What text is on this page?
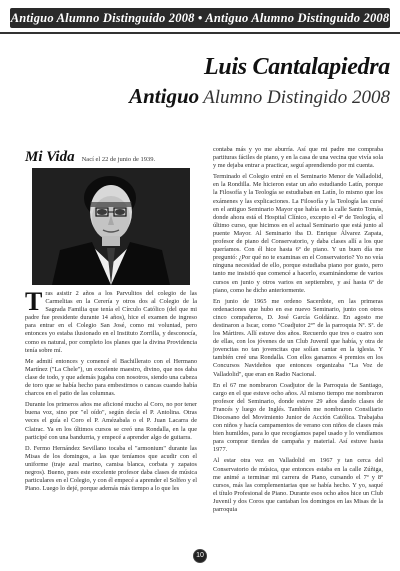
Antiguo Alumno Distinguido 2008 • Antiguo Alumno Distinguido 2008
Luis Cantalapiedra
Antiguo Alumno Distingido 2008
Mi Vida Nací el 22 de junio de 1939.

Tras asistir 2 años a los Parvulitos del colegio de las Carmelitas en la Cerería y otros dos al Colegio de la Sagrada Familia que tenía el Círculo Católico (del que mi padre fue presidente durante 14 años), hice el examen de ingreso para entrar en el Colegio San José, como mi voluntad, pero entonces yo estaba ilusionado en el Instituto Zorrilla, y desconocía, como es natural, por completo los planes que la divina Providencia tenía sobre mí.

Me admití entonces y comencé el Bachillerato con el Hermano Martínez ("La Chele"), un excelente maestro, divino, que nos daba clase de todo, y que además jugaba con nosotros, siendo una cabeza de toro que se había hecho para embestirnos o cancas cuando había charcos en el patio de las columnas.

Durante los primeros años me aficioné mucho al Coro, no por tener buena voz, sino por "el oído", según decía el P. Antolina. Otras veces el guía el Coro el P. Amézabala o el P. Juan Lacarra de Clairac. Ya en los últimos cursos se creó una Rondalla, en la que participé con una bandurria, y empecé a aprender algo de guitarra.

D. Fermo Hernández Sevillano tocaba el "armonium" durante las Misas de los domingos, a las que teníamos que acudir con el uniforme (traje azul marino, camisa blanca, corbata y zapatos negros). Bueno, pues este excelente profesor daba clases de música particulares en el Colegio, y con él empecé a aprender el Solfeo y el Piano. Luego lo dejé, porque además más tiempo a lo que les

contaba más y yo me aburría. Así que mi padre me compraba partituras fáciles de piano, y en la casa de una vecina que vivía sola y me dejaba entrar a practicar, seguí aprendiendo por mi cuenta.

Terminado el Colegio entré en el Seminario Menor de Valladolid, en la Rondilla. Me hicieron estar un año estudiando Latín, porque la Filosofía y la Teología se estudiaban en Latín, lo mismo que los exámenes y las explicaciones. La Filosofía y la Teología las cursé en el antiguo Seminario Mayor que había en la calle Santo Tomás, donde ahora está el Hospital Clínico, excepto el 4º de Teología, el último curso, que hicimos en el actual Seminario que está junto al puente Mayor. Al Seminario iba D. Enrique Álvarez Zapata, profesor de piano del Conservatorio, y daba clases allí a los que queríamos. Con él hice hasta 6º de piano. Y un buen día me preguntó: ¿Por qué no te examinas en el Conservatorio? Yo no veía ninguna necesidad de ello, porque estudiaba piano por gusto, pero tanto me insistió que comencé a hacerlo, examinándome de varios cursos en junio y otros varios en septiembre, y así hasta 6º de piano, como he dicho anteriormente.

En junio de 1965 me ordeno Sacerdote, en las primeras ordenaciones que hubo en ese nuevo Seminario, junto con otros cinco compañeros, D. José García Goldáraz. En agosto me destinaron a Iscar, como "Coadjutor 2º" de la parroquia Nª. Sª. de los Mártires. Allí estuve dos años. Recuerdo que tres o cuatro son de ellas, con los jóvenes de un Club Juvenil que había, y otra de jovencitas no tan jovencitas que solían cantar en la iglesia. Y también creé una Rondalla. Con ellos ganamos 4 premios en los Concursos Navideños que entonces organizaba "La Voz de Valladolid", que eran en Radio Nacional.

En el 67 me nombraron Coadjutor de la Parroquia de Santiago, cargo en el que estuve ocho años. Al mismo tiempo me nombraron profesor del Seminario, donde estuve 29 años dando clases de Francés y luego de Inglés. También me nombraron Consiliario Diocesano del Movimiento Junior de Acción Católica. Trabajaba con niños y hacía campamentos de verano con niños de clases más bien humildes, para lo que recogíamos papel usado y lo vendíamos para comprar tiendas de campaña y material. Así estuve hasta 1977.

Al estar otra vez en Valladolid en 1967 y tan cerca del Conservatorio de música, que entonces estaba en la calle Zúñiga, me animé a terminar mi carrera de Piano, cursando el 7º y 8º cursos, más las complementarias que se había hecho. Y yo, saqué el título Profesional de Piano. Durante esos ocho años hice un Club Juvenil y dos Coros que cantaban los domingos en las Misas de la parroquia

10
